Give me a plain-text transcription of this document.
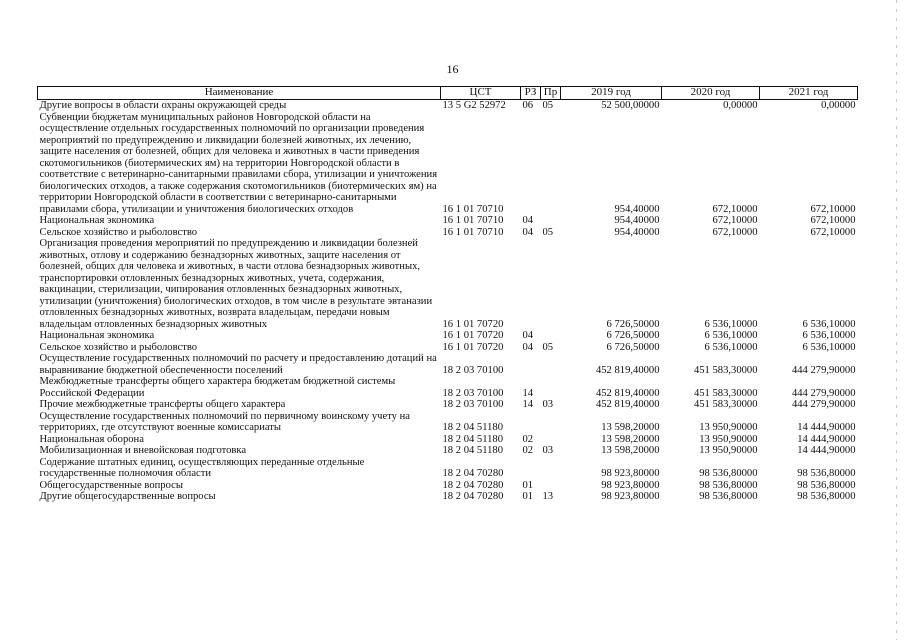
16
Наименование	ЦСТ	РЗ	Пр	2019 год	2020 год	2021 год
Другие вопросы в области охраны окружающей среды	13 5 G2 52972	06	05	52 500,00000	0,00000	0,00000
Субвенции бюджетам муниципальных районов Новгородской области на осуществление отдельных государственных полномочий по организации проведения мероприятий по предупреждению и ликвидации болезней животных, их лечению, защите населения от болезней, общих для человека и животных в части приведения скотомогильников (биотермических ям) на территории Новгородской области в соответствие с ветеринарно-санитарными правилами сбора, утилизации и уничтожения биологических отходов, а также содержания скотомогильников (биотермических ям) на территории Новгородской области в соответствии с ветеринарно-санитарными правилами сбора, утилизации и уничтожения биологических отходов	16 1 01 70710			954,40000	672,10000	672,10000
Национальная экономика	16 1 01 70710	04		954,40000	672,10000	672,10000
Сельское хозяйство и рыболовство	16 1 01 70710	04	05	954,40000	672,10000	672,10000
Организация проведения мероприятий по предупреждению и ликвидации болезней животных, отлову и содержанию безнадзорных животных, защите населения от болезней, общих для человека и животных, в части отлова безнадзорных животных, транспортировки отловленных безнадзорных животных, учета, содержания, вакцинации, стерилизации, чипирования отловленных безнадзорных животных, утилизации (уничтожения) биологических отходов, в том числе в результате эвтаназии отловленных безнадзорных животных, возврата владельцам, передачи новым владельцам отловленных безнадзорных животных	16 1 01 70720			6 726,50000	6 536,10000	6 536,10000
Национальная экономика	16 1 01 70720	04		6 726,50000	6 536,10000	6 536,10000
Сельское хозяйство и рыболовство	16 1 01 70720	04	05	6 726,50000	6 536,10000	6 536,10000
Осуществление государственных полномочий по расчету и предоставлению дотаций на выравнивание бюджетной обеспеченности поселений	18 2 03 70100			452 819,40000	451 583,30000	444 279,90000
Межбюджетные трансферты общего характера бюджетам бюджетной системы Российской Федерации	18 2 03 70100	14		452 819,40000	451 583,30000	444 279,90000
Прочие межбюджетные трансферты общего характера	18 2 03 70100	14	03	452 819,40000	451 583,30000	444 279,90000
Осуществление государственных полномочий по первичному воинскому учету на территориях, где отсутствуют военные комиссариаты	18 2 04 51180			13 598,20000	13 950,90000	14 444,90000
Национальная оборона	18 2 04 51180	02		13 598,20000	13 950,90000	14 444,90000
Мобилизационная и вневойсковая подготовка	18 2 04 51180	02	03	13 598,20000	13 950,90000	14 444,90000
Содержание штатных единиц, осуществляющих переданные отдельные государственные полномочия области	18 2 04 70280			98 923,80000	98 536,80000	98 536,80000
Общегосударственные вопросы	18 2 04 70280	01		98 923,80000	98 536,80000	98 536,80000
Другие общегосударственные вопросы	18 2 04 70280	01	13	98 923,80000	98 536,80000	98 536,80000
